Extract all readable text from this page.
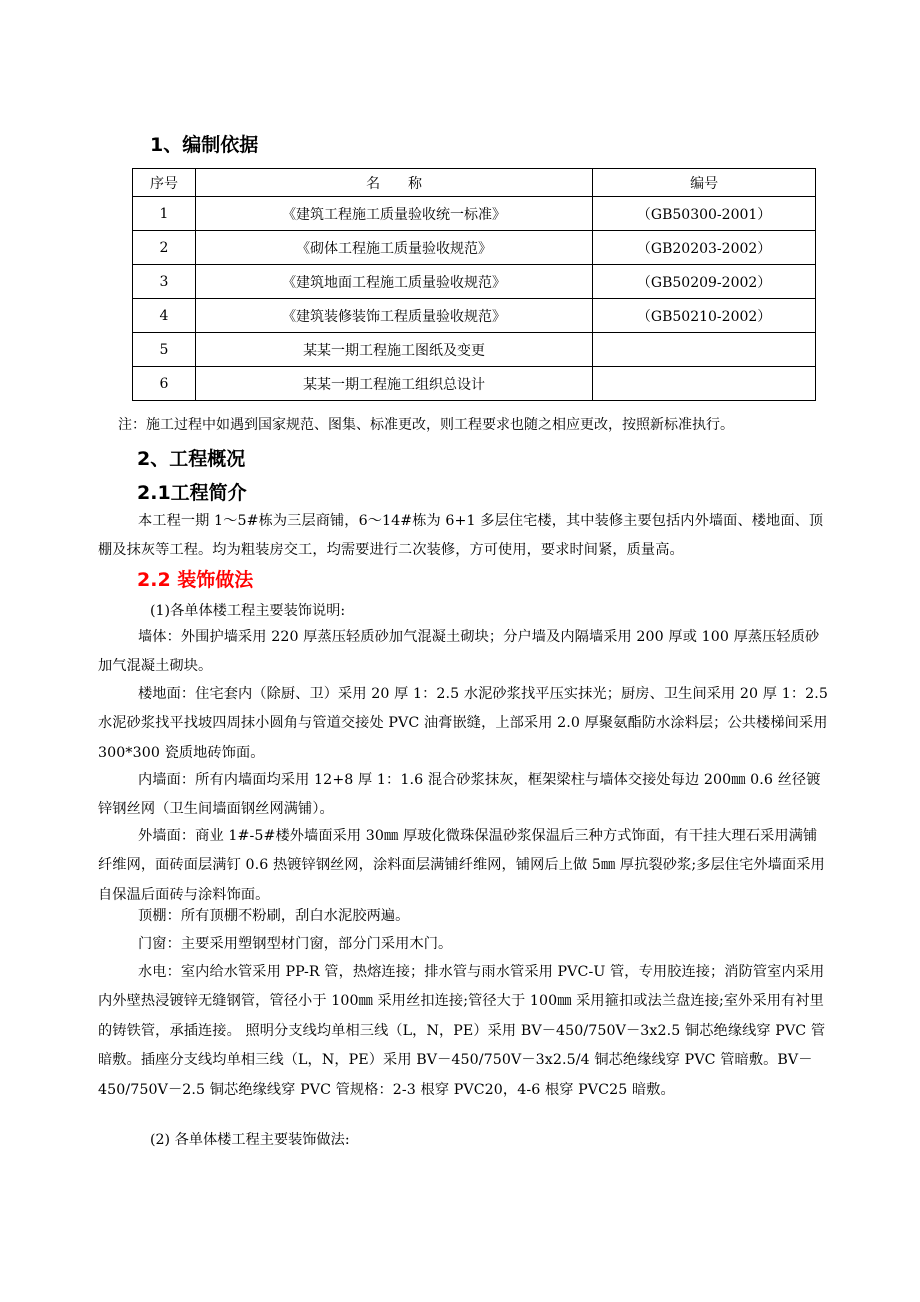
1、编制依据
序号	名　　称	编号
1	《建筑工程施工质量验收统一标准》	（GB50300-2001）
2	《砌体工程施工质量验收规范》	（GB20203-2002）
3	《建筑地面工程施工质量验收规范》	（GB50209-2002）
4	《建筑装修装饰工程质量验收规范》	（GB50210-2002）
5	某某一期工程施工图纸及变更	
6	某某一期工程施工组织总设计	
注：施工过程中如遇到国家规范、图集、标准更改，则工程要求也随之相应更改，按照新标准执行。
2、工程概况
2.1工程简介
本工程一期 1～5#栋为三层商铺，6～14#栋为 6+1 多层住宅楼，其中装修主要包括内外墙面、楼地面、顶棚及抹灰等工程。均为粗装房交工，均需要进行二次装修，方可使用，要求时间紧，质量高。
2.2 装饰做法
(1)各单体楼工程主要装饰说明:
墙体：外围护墙采用 220 厚蒸压轻质砂加气混凝土砌块；分户墙及内隔墙采用 200 厚或 100 厚蒸压轻质砂加气混凝土砌块。
楼地面：住宅套内（除厨、卫）采用 20 厚 1：2.5 水泥砂浆找平压实抹光；厨房、卫生间采用 20 厚 1：2.5 水泥砂浆找平找坡四周抹小圆角与管道交接处 PVC 油膏嵌缝，上部采用 2.0 厚聚氨酯防水涂料层；公共楼梯间采用 300*300 瓷质地砖饰面。
内墙面：所有内墙面均采用 12+8 厚 1：1.6 混合砂浆抹灰，框架梁柱与墙体交接处每边 200㎜ 0.6 丝径镀锌钢丝网（卫生间墙面钢丝网满铺）。
外墙面：商业 1#-5#楼外墙面采用 30㎜ 厚玻化微珠保温砂浆保温后三种方式饰面，有干挂大理石采用满铺纤维网，面砖面层满钉 0.6 热镀锌钢丝网，涂料面层满铺纤维网，铺网后上做 5㎜ 厚抗裂砂浆;多层住宅外墙面采用自保温后面砖与涂料饰面。
顶棚：所有顶棚不粉刷，刮白水泥胶两遍。
门窗：主要采用塑钢型材门窗，部分门采用木门。
水电：室内给水管采用 PP-R 管，热熔连接；排水管与雨水管采用 PVC-U 管，专用胶连接；消防管室内采用内外壁热浸镀锌无缝钢管，管径小于 100㎜ 采用丝扣连接;管径大于 100㎜ 采用箍扣或法兰盘连接;室外采用有衬里的铸铁管，承插连接。 照明分支线均单相三线（L，N，PE）采用 BV－450/750V－3x2.5 铜芯绝缘线穿 PVC 管暗敷。插座分支线均单相三线（L，N，PE）采用 BV－450/750V－3x2.5/4 铜芯绝缘线穿 PVC 管暗敷。BV－450/750V－2.5 铜芯绝缘线穿 PVC 管规格：2-3 根穿 PVC20，4-6 根穿 PVC25 暗敷。
(2) 各单体楼工程主要装饰做法:
